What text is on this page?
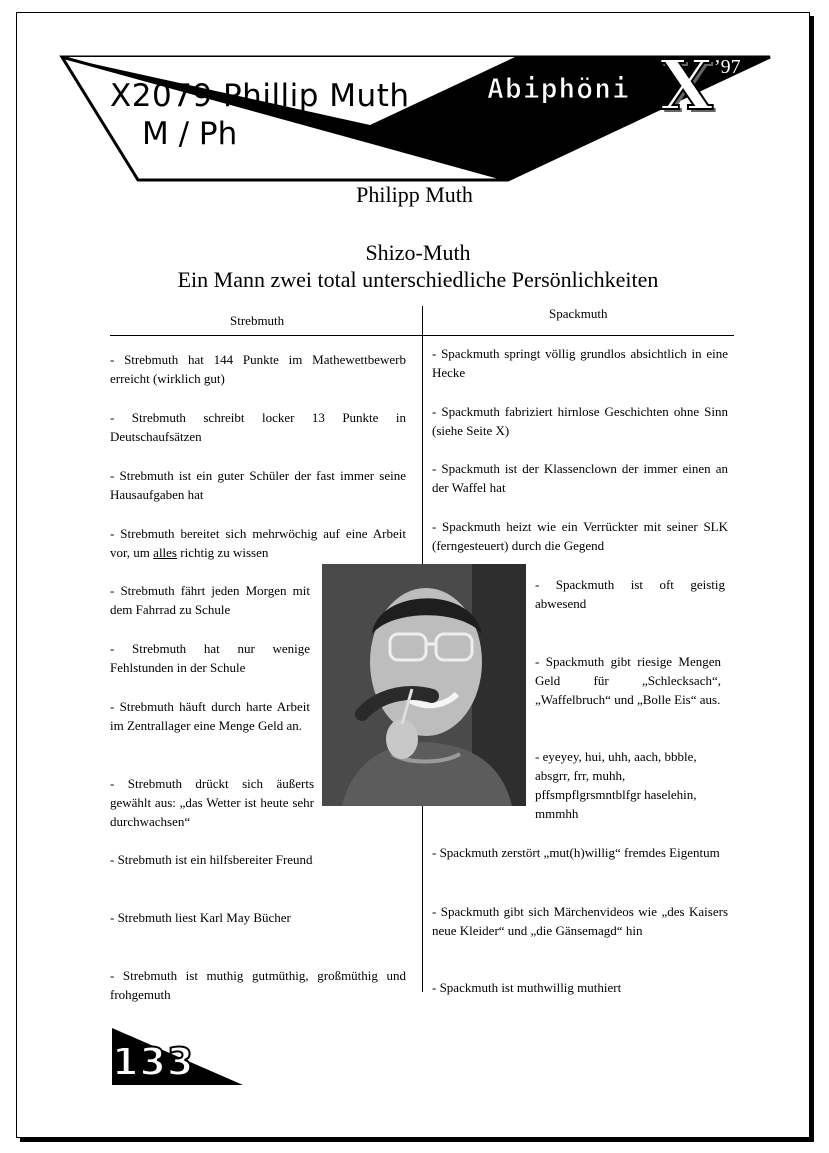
X2079 Phillip Muth
M / Ph
Abiphöni X ’97
Philipp Muth
Shizo-Muth
Ein Mann zwei total unterschiedliche Persönlichkeiten
Strebmuth	Spackmuth
- Strebmuth hat 144 Punkte im Mathewettbewerb erreicht (wirklich gut)
- Strebmuth schreibt locker 13 Punkte in Deutschaufsätzen
- Strebmuth ist ein guter Schüler der fast immer seine Hausaufgaben hat
- Strebmuth bereitet sich mehrwöchig auf eine Arbeit vor, um alles richtig zu wissen
- Strebmuth fährt jeden Morgen mit dem Fahrrad zu Schule
- Strebmuth hat nur wenige Fehlstunden in der Schule
- Strebmuth häuft durch harte Arbeit im Zentrallager eine Menge Geld an.
- Strebmuth drückt sich äußerts gewählt aus: „das Wetter ist heute sehr durchwachsen“
- Strebmuth ist ein hilfsbereiter Freund
- Strebmuth liest Karl May Bücher
- Strebmuth ist muthig gutmüthig, großmüthig und frohgemuth
- Spackmuth springt völlig grundlos absichtlich in eine Hecke
- Spackmuth fabriziert hirnlose Geschichten ohne Sinn (siehe Seite X)
- Spackmuth ist der Klassenclown der immer einen an der Waffel hat
- Spackmuth heizt wie ein Verrückter mit seiner SLK (ferngesteuert) durch die Gegend
- Spackmuth ist oft geistig abwesend
- Spackmuth gibt riesige Mengen Geld für „Schlecksach“, „Waffelbruch“ und „Bolle Eis“ aus.
- eyeyey, hui, uhh, aach, bbble, absgrr, frr, muhh, pffsmpflgrsmntblfgr haselehin, mmmhh
- Spackmuth zerstört „mut(h)willig“ fremdes Eigentum
- Spackmuth gibt sich Märchenvideos wie „des Kaisers neue Kleider“ und „die Gänsemagd“ hin
- Spackmuth ist muthwillig muthiert
133
